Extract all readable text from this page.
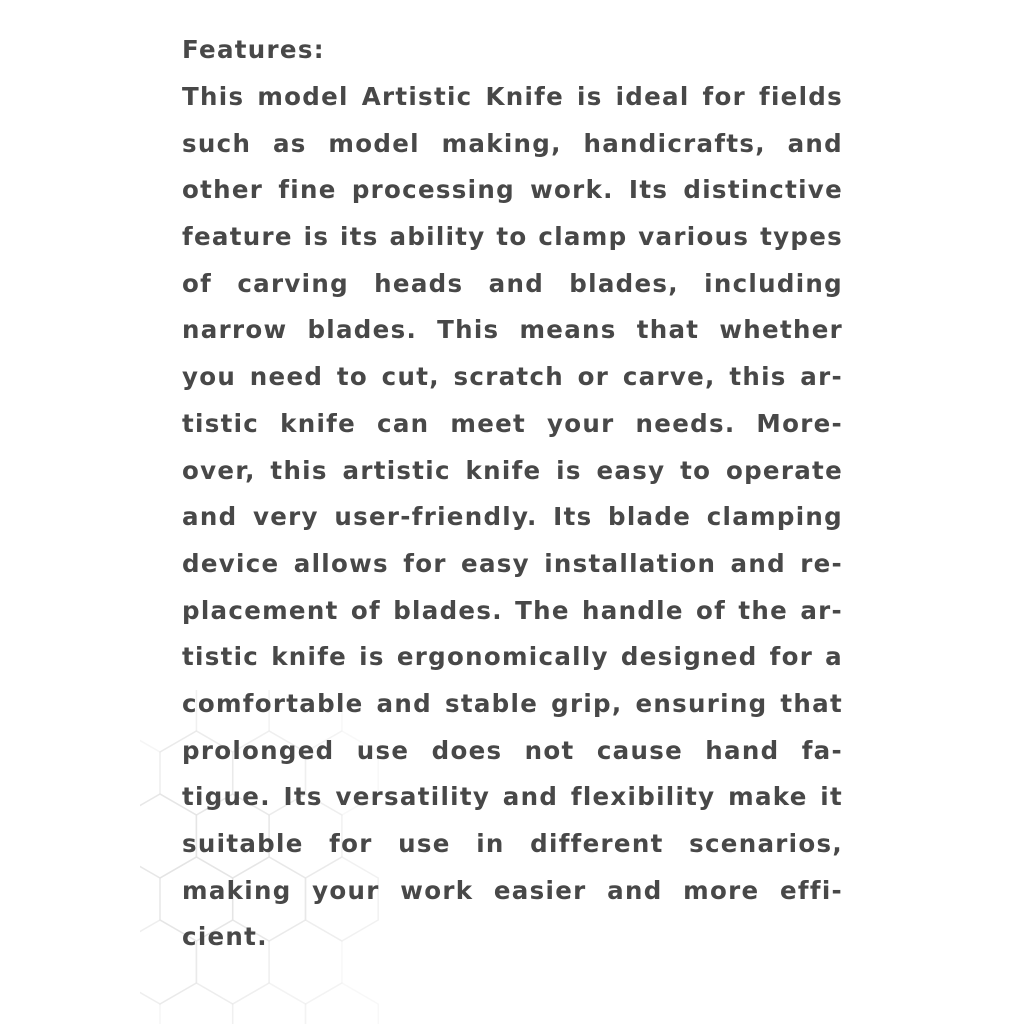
Features:
This model Artistic Knife is ideal for fields
such as model making, handicrafts, and
other fine processing work. Its distinctive
feature is its ability to clamp various types
of carving heads and blades, including
narrow blades. This means that whether
you need to cut, scratch or carve, this ar-
tistic knife can meet your needs. More-
over, this artistic knife is easy to operate
and very user-friendly. Its blade clamping
device allows for easy installation and re-
placement of blades. The handle of the ar-
tistic knife is ergonomically designed for a
comfortable and stable grip, ensuring that
prolonged use does not cause hand fa-
tigue. Its versatility and flexibility make it
suitable for use in different scenarios,
making your work easier and more effi-
cient.
